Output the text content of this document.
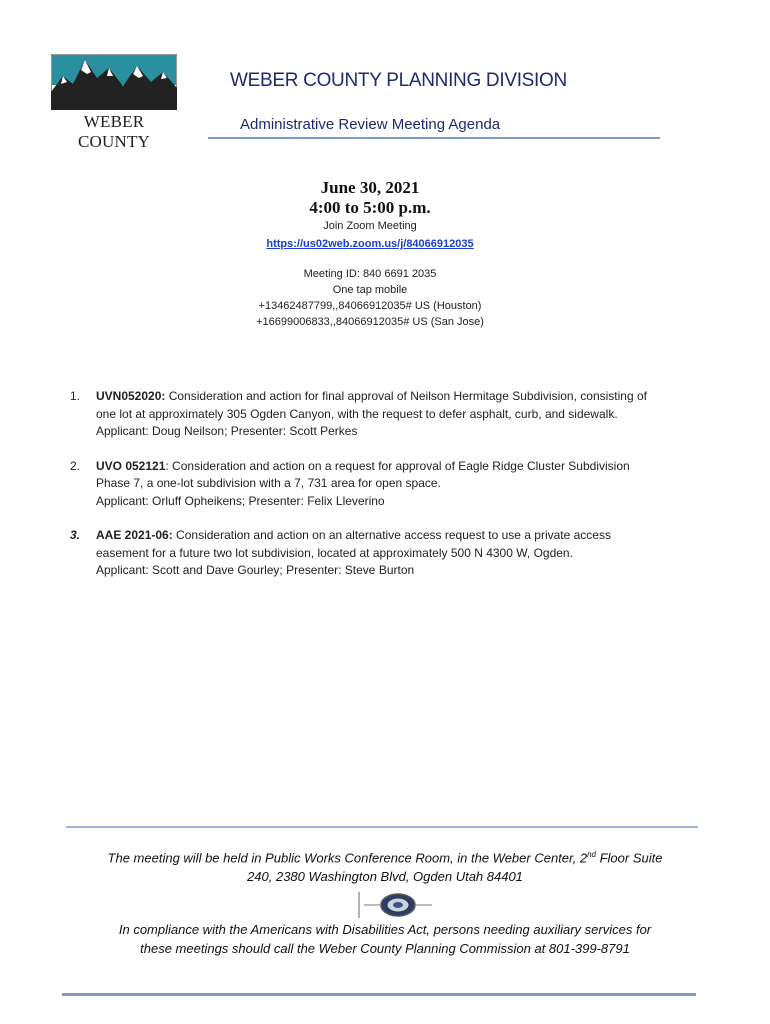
WEBER COUNTY
WEBER COUNTY PLANNING DIVISION
Administrative Review Meeting Agenda
June 30, 2021
4:00 to 5:00 p.m.
Join Zoom Meeting
https://us02web.zoom.us/j/84066912035
Meeting ID: 840 6691 2035
One tap mobile
+13462487799,,84066912035# US (Houston)
+16699006833,,84066912035# US (San Jose)
1.	UVN052020: Consideration and action for final approval of Neilson Hermitage Subdivision, consisting of

one lot at approximately 305 Ogden Canyon, with the request to defer asphalt, curb, and sidewalk.

Applicant: Doug Neilson; Presenter: Scott Perkes

2.	UVO 052121: Consideration and action on a request for approval of Eagle Ridge Cluster Subdivision

Phase 7, a one-lot subdivision with a 7, 731 area for open space.

Applicant: Orluff Opheikens; Presenter: Felix Lleverino

3.	AAE 2021-06: Consideration and action on an alternative access request to use a private access

easement for a future two lot subdivision, located at approximately 500 N 4300 W, Ogden.

Applicant: Scott and Dave Gourley; Presenter: Steve Burton

The meeting will be held in Public Works Conference Room, in the Weber Center, 2nd Floor Suite
240, 2380 Washington Blvd, Ogden Utah 84401
In compliance with the Americans with Disabilities Act, persons needing auxiliary services for
these meetings should call the Weber County Planning Commission at 801-399-8791
